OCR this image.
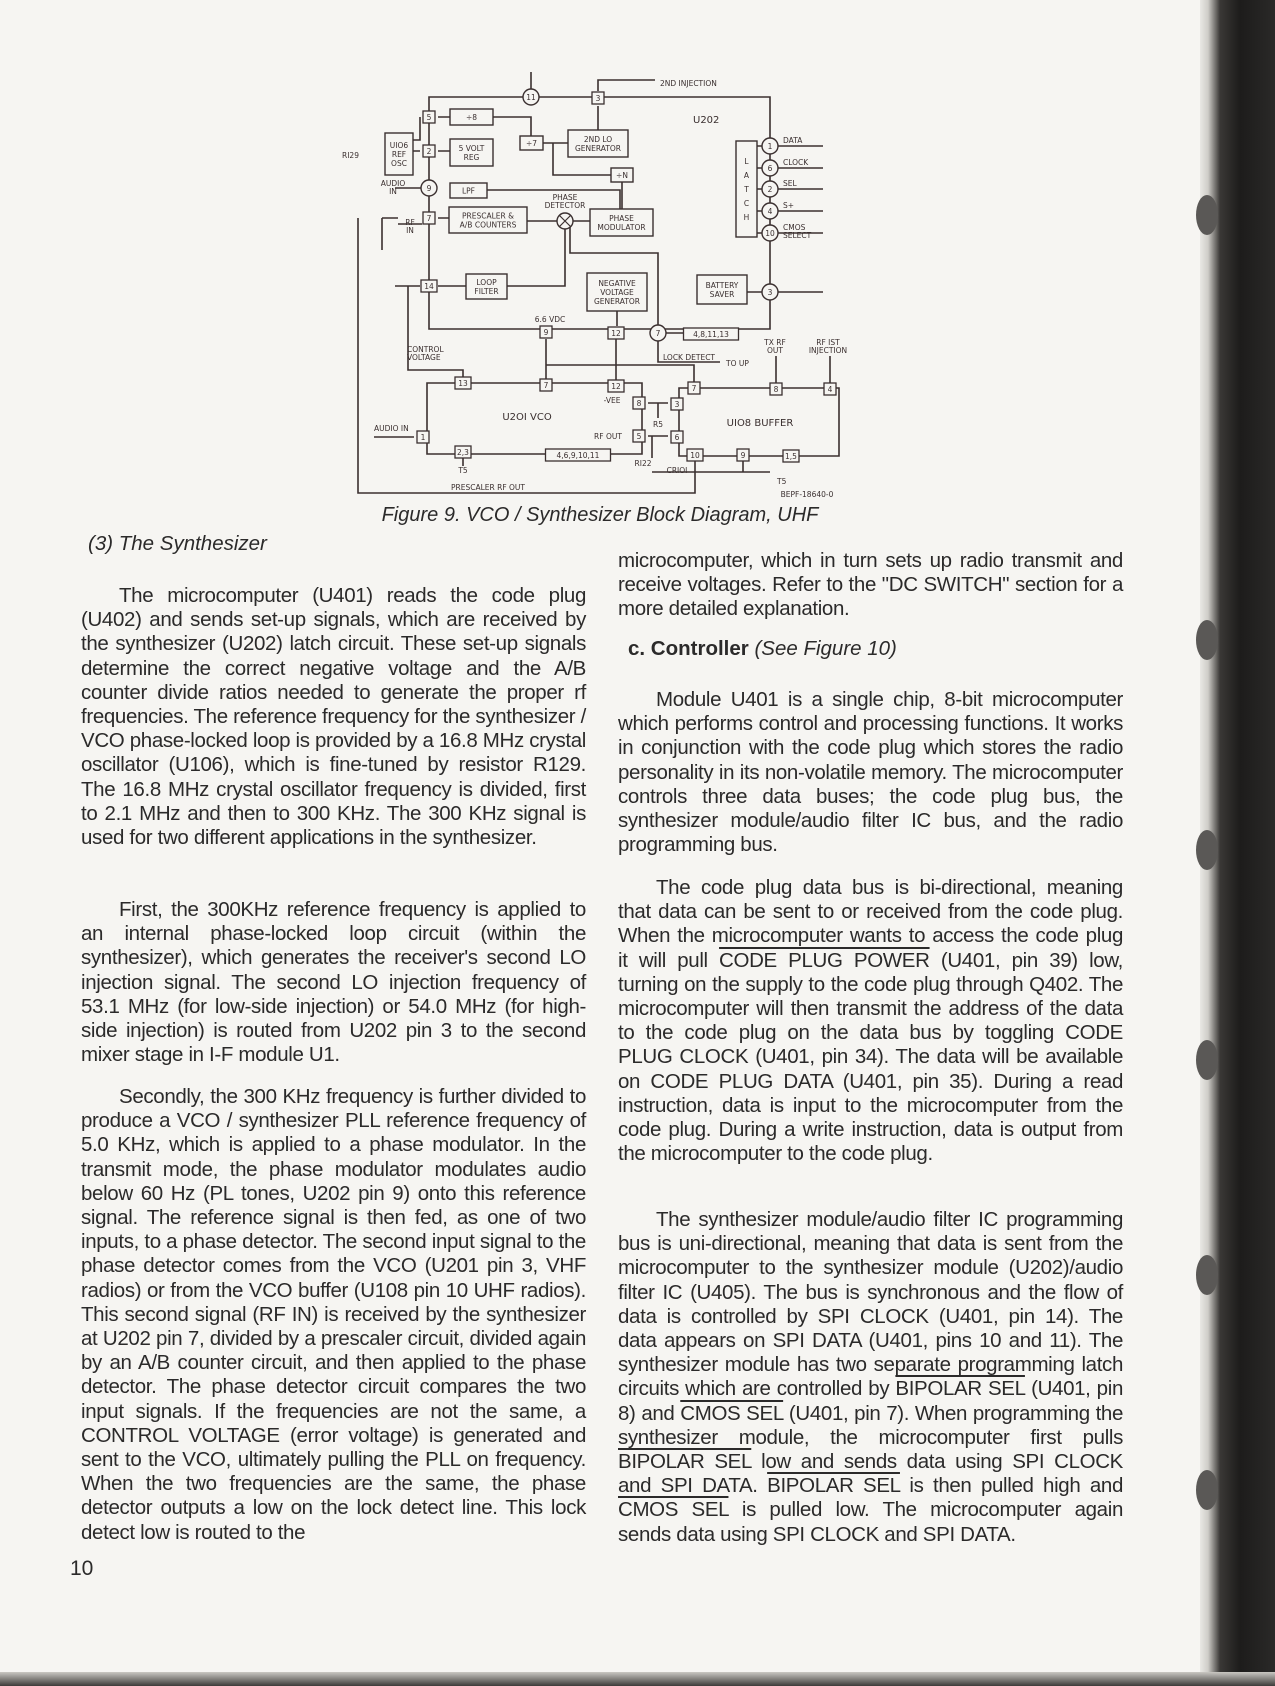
11	3
5
2
9
7
14
1
6
2
4
10
3
9	12	7	4,8,11,13
13	7	12
8
5
1
2,3	4,6,9,10,11
7	8	4
3
6
10	9	1,5
÷8
5 VOLT
REG
UIO6
REF
OSC
÷7	2ND LO
GENERATOR
÷N
LPF
PRESCALER &
A/B COUNTERS
PHASE
MODULATOR
L
A
T
C
H
BATTERY
SAVER
LOOP
FILTER
NEGATIVE
VOLTAGE
GENERATOR
2ND INJECTION
U202
RI29
AUDIO
IN
RF
IN
PHASE
DETECTOR
DATA
CLOCK
SEL
S+
CMOS
SELECT
6.6 VDC
TX RF
OUT
RF IST
INJECTION
CONTROL
VOLTAGE	LOCK DETECT
TO UP
-VEE
U2OI VCO
AUDIO IN
T5
RF OUT
R5	UIO8 BUFFER
RI22
CRIOI
T5
PRESCALER RF OUT
Figure 9. VCO / Synthesizer Block Diagram, UHF
BEPF-18640-0
(3) The Synthesizer

The microcomputer (U401) reads the code plug (U402) and sends set-up signals, which are received by the synthesizer (U202) latch circuit. These set-up signals determine the correct negative voltage and the A/B counter divide ratios needed to generate the proper rf frequencies. The reference frequency for the synthesizer / VCO phase-locked loop is provided by a 16.8 MHz crystal oscillator (U106), which is fine-tuned by resistor R129. The 16.8 MHz crystal oscillator frequency is divided, first to 2.1 MHz and then to 300 KHz. The 300 KHz signal is used for two different applications in the synthesizer.

First, the 300KHz reference frequency is applied to an internal phase-locked loop circuit (within the synthesizer), which generates the receiver's second LO injection signal. The second LO injection frequency of 53.1 MHz (for low-side injection) or 54.0 MHz (for high-side injection) is routed from U202 pin 3 to the second mixer stage in I-F module U1.

Secondly, the 300 KHz frequency is further divided to produce a VCO / synthesizer PLL reference frequency of 5.0 KHz, which is applied to a phase modulator. In the transmit mode, the phase modulator modulates audio below 60 Hz (PL tones, U202 pin 9) onto this reference signal. The reference signal is then fed, as one of two inputs, to a phase detector. The second input signal to the phase detector comes from the VCO (U201 pin 3, VHF radios) or from the VCO buffer (U108 pin 10 UHF radios). This second signal (RF IN) is received by the synthesizer at U202 pin 7, divided by a prescaler circuit, divided again by an A/B counter circuit, and then applied to the phase detector. The phase detector circuit compares the two input signals. If the frequencies are not the same, a CONTROL VOLTAGE (error voltage) is generated and sent to the VCO, ultimately pulling the PLL on frequency. When the two frequencies are the same, the phase detector outputs a low on the lock detect line. This lock detect low is routed to the

microcomputer, which in turn sets up radio transmit and receive voltages. Refer to the "DC SWITCH" section for a more detailed explanation.

Module U401 is a single chip, 8-bit microcomputer which performs control and processing functions. It works in conjunction with the code plug which stores the radio personality in its non-volatile memory. The microcomputer controls three data buses; the code plug bus, the synthesizer module/audio filter IC bus, and the radio programming bus.

The code plug data bus is bi-directional, meaning that data can be sent to or received from the code plug. When the microcomputer wants to access the code plug it will pull CODE PLUG POWER (U401, pin 39) low, turning on the supply to the code plug through Q402. The microcomputer will then transmit the address of the data to the code plug on the data bus by toggling CODE PLUG CLOCK (U401, pin 34). The data will be available on CODE PLUG DATA (U401, pin 35). During a read instruction, data is input to the microcomputer from the code plug. During a write instruction, data is output from the microcomputer to the code plug.

The synthesizer module/audio filter IC programming bus is uni-directional, meaning that data is sent from the microcomputer to the synthesizer module (U202)/audio filter IC (U405). The bus is synchronous and the flow of data is controlled by SPI CLOCK (U401, pin 14). The data appears on SPI DATA (U401, pins 10 and 11). The synthesizer module has two separate programming latch circuits which are controlled by BIPOLAR SEL (U401, pin 8) and CMOS SEL (U401, pin 7). When programming the synthesizer module, the microcomputer first pulls BIPOLAR SEL low and sends data using SPI CLOCK and SPI DATA. BIPOLAR SEL is then pulled high and CMOS SEL is pulled low. The microcomputer again sends data using SPI CLOCK and SPI DATA.

c. Controller (See Figure 10)
10
